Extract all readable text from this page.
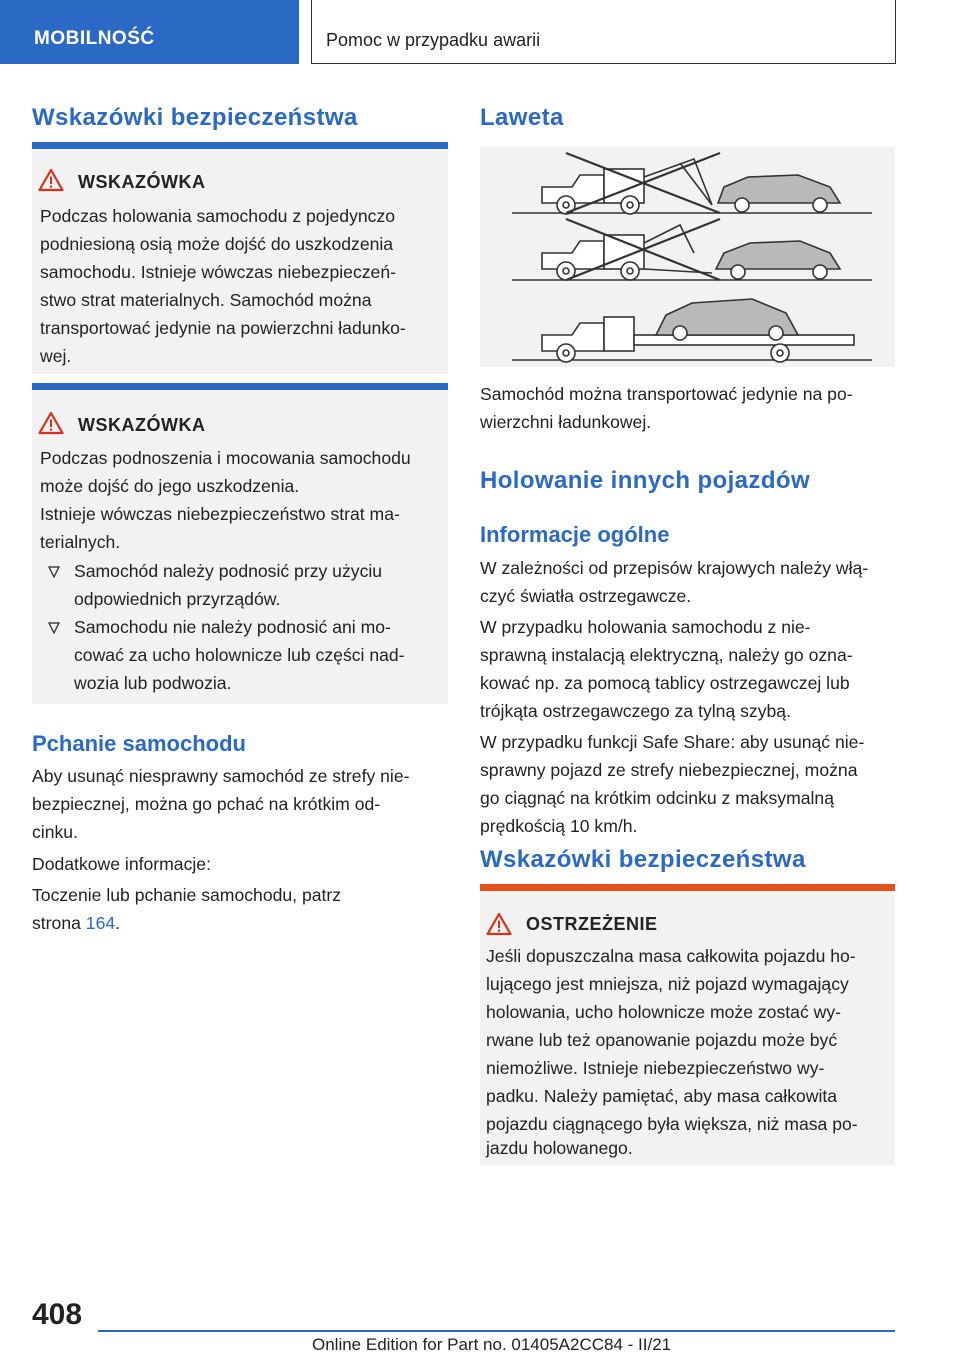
MOBILNOŚĆ	Pomoc w przypadku awarii
Wskazówki bezpieczeństwa
WSKAZÓWKA

Podczas holowania samochodu z pojedynczo

podniesioną osią może dojść do uszkodzenia

samochodu. Istnieje wówczas niebezpieczeń-

stwo strat materialnych. Samochód można

transportować jedynie na powierzchni ładunko-

wej.

WSKAZÓWKA

Podczas podnoszenia i mocowania samochodu

może dojść do jego uszkodzenia.

Istnieje wówczas niebezpieczeństwo strat ma-

terialnych.

Samochód należy podnosić przy użyciu

odpowiednich przyrządów.

Samochodu nie należy podnosić ani mo-

cować za ucho holownicze lub części nad-

wozia lub podwozia.

Pchanie samochodu

Aby usunąć niesprawny samochód ze strefy nie-

bezpiecznej, można go pchać na krótkim od-

cinku.

Dodatkowe informacje:

Toczenie lub pchanie samochodu, patrz

strona 164.

Laweta

Samochód można transportować jedynie na po-

wierzchni ładunkowej.

Holowanie innych pojazdów
Informacje ogólne

W zależności od przepisów krajowych należy włą-

czyć światła ostrzegawcze.

W przypadku holowania samochodu z nie-

sprawną instalacją elektryczną, należy go ozna-

kować np. za pomocą tablicy ostrzegawczej lub

trójkąta ostrzegawczego za tylną szybą.

W przypadku funkcji Safe Share: aby usunąć nie-

sprawny pojazd ze strefy niebezpiecznej, można

go ciągnąć na krótkim odcinku z maksymalną

prędkością 10 km/h.

Wskazówki bezpieczeństwa
OSTRZEŻENIE

Jeśli dopuszczalna masa całkowita pojazdu ho-

lującego jest mniejsza, niż pojazd wymagający

holowania, ucho holownicze może zostać wy-

rwane lub też opanowanie pojazdu może być

niemożliwe. Istnieje niebezpieczeństwo wy-

padku. Należy pamiętać, aby masa całkowita

pojazdu ciągnącego była większa, niż masa po-

jazdu holowanego.

408
Online Edition for Part no. 01405A2CC84 - II/21
